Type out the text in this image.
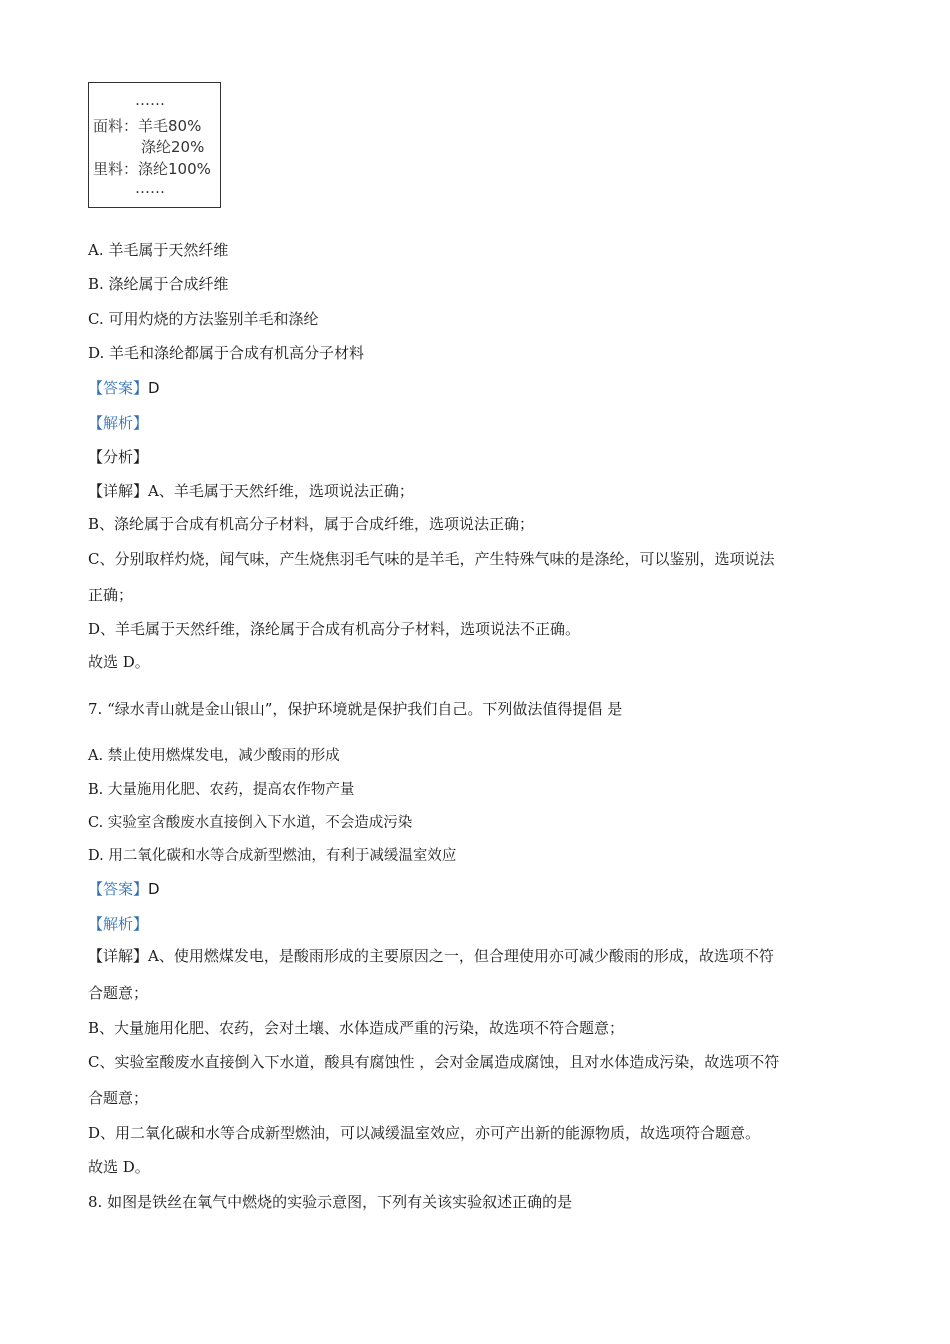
……
面料：羊毛80%
涤纶20%
里料：涤纶100%
……
A. 羊毛属于天然纤维
B. 涤纶属于合成纤维
C. 可用灼烧的方法鉴别羊毛和涤纶
D. 羊毛和涤纶都属于合成有机高分子材料
【答案】D
【解析】
【分析】
【详解】A、羊毛属于天然纤维，选项说法正确；
B、涤纶属于合成有机高分子材料，属于合成纤维，选项说法正确；
C、分别取样灼烧，闻气味，产生烧焦羽毛气味的是羊毛，产生特殊气味的是涤纶，可以鉴别，选项说法
正确；
D、羊毛属于天然纤维，涤纶属于合成有机高分子材料，选项说法不正确。
故选 D。
7. “绿水青山就是金山银山”，保护环境就是保护我们自己。下列做法值得提倡 是
A. 禁止使用燃煤发电，减少酸雨的形成
B. 大量施用化肥、农药，提高农作物产量
C. 实验室含酸废水直接倒入下水道，不会造成污染
D. 用二氧化碳和水等合成新型燃油，有利于减缓温室效应
【答案】D
【解析】
【详解】A、使用燃煤发电，是酸雨形成的主要原因之一，但合理使用亦可减少酸雨的形成，故选项不符
合题意；
B、大量施用化肥、农药，会对土壤、水体造成严重的污染，故选项不符合题意；
C、实验室酸废水直接倒入下水道，酸具有腐蚀性 ，会对金属造成腐蚀，且对水体造成污染，故选项不符
合题意；
D、用二氧化碳和水等合成新型燃油，可以减缓温室效应，亦可产出新的能源物质，故选项符合题意。
故选 D。
8. 如图是铁丝在氧气中燃烧的实验示意图，下列有关该实验叙述正确的是
